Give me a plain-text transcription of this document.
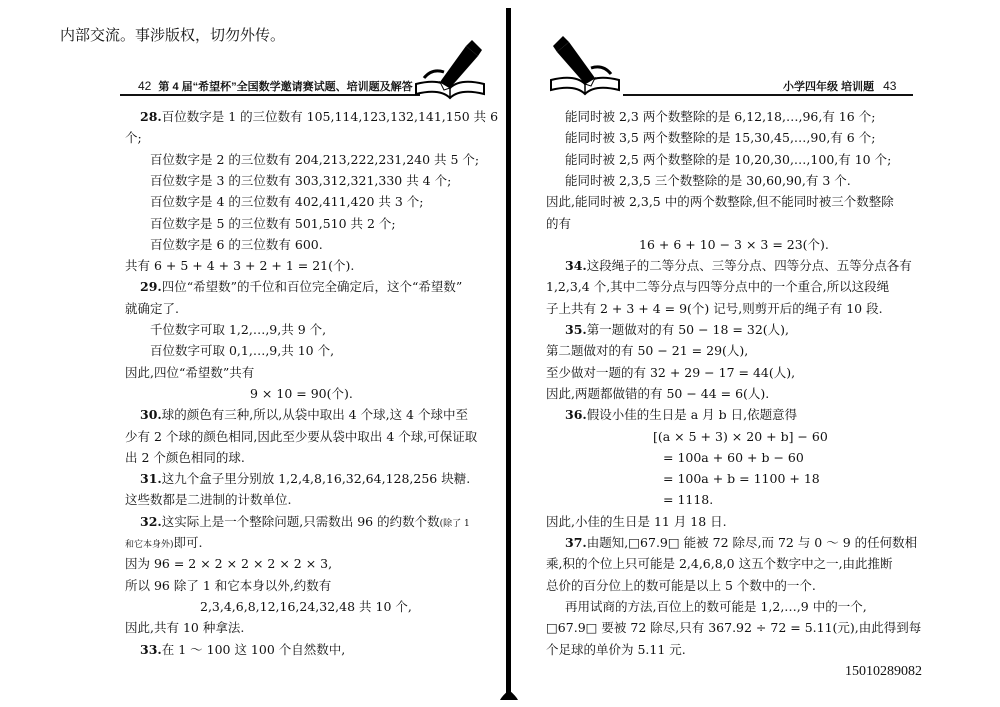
内部交流。事涉版权，切勿外传。
42 第 4 届“希望杯”全国数学邀请赛试题、培训题及解答
28.百位数字是 1 的三位数有 105,114,123,132,141,150 共 6
个;
百位数字是 2 的三位数有 204,213,222,231,240 共 5 个;
百位数字是 3 的三位数有 303,312,321,330 共 4 个;
百位数字是 4 的三位数有 402,411,420 共 3 个;
百位数字是 5 的三位数有 501,510 共 2 个;
百位数字是 6 的三位数有 600.
共有 6 + 5 + 4 + 3 + 2 + 1 = 21(个).
29.四位“希望数”的千位和百位完全确定后，这个“希望数”
就确定了.
千位数字可取 1,2,…,9,共 9 个,
百位数字可取 0,1,…,9,共 10 个,
因此,四位“希望数”共有
9 × 10 = 90(个).
30.球的颜色有三种,所以,从袋中取出 4 个球,这 4 个球中至
少有 2 个球的颜色相同,因此至少要从袋中取出 4 个球,可保证取
出 2 个颜色相同的球.
31.这九个盒子里分别放 1,2,4,8,16,32,64,128,256 块糖.
这些数都是二进制的计数单位.
32.这实际上是一个整除问题,只需数出 96 的约数个数(除了 1
和它本身外)即可.
因为 96 = 2 × 2 × 2 × 2 × 2 × 3,
所以 96 除了 1 和它本身以外,约数有
2,3,4,6,8,12,16,24,32,48 共 10 个,
因此,共有 10 种拿法.
33.在 1 ～ 100 这 100 个自然数中,
小学四年级 培训题 43
能同时被 2,3 两个数整除的是 6,12,18,…,96,有 16 个;
能同时被 3,5 两个数整除的是 15,30,45,…,90,有 6 个;
能同时被 2,5 两个数整除的是 10,20,30,…,100,有 10 个;
能同时被 2,3,5 三个数整除的是 30,60,90,有 3 个.
因此,能同时被 2,3,5 中的两个数整除,但不能同时被三个数整除
的有
16 + 6 + 10 − 3 × 3 = 23(个).
34.这段绳子的二等分点、三等分点、四等分点、五等分点各有
1,2,3,4 个,其中二等分点与四等分点中的一个重合,所以这段绳
子上共有 2 + 3 + 4 = 9(个) 记号,则剪开后的绳子有 10 段.
35.第一题做对的有 50 − 18 = 32(人),
第二题做对的有 50 − 21 = 29(人),
至少做对一题的有 32 + 29 − 17 = 44(人),
因此,两题都做错的有 50 − 44 = 6(人).
36.假设小佳的生日是 a 月 b 日,依题意得
[(a × 5 + 3) × 20 + b] − 60
= 100a + 60 + b − 60
= 100a + b = 1100 + 18
= 1118.
因此,小佳的生日是 11 月 18 日.
37.由题知,□67.9□ 能被 72 除尽,而 72 与 0 ～ 9 的任何数相
乘,积的个位上只可能是 2,4,6,8,0 这五个数字中之一,由此推断
总价的百分位上的数可能是以上 5 个数中的一个.
再用试商的方法,百位上的数可能是 1,2,…,9 中的一个,
□67.9□ 要被 72 除尽,只有 367.92 ÷ 72 = 5.11(元),由此得到每
个足球的单价为 5.11 元.
15010289082
